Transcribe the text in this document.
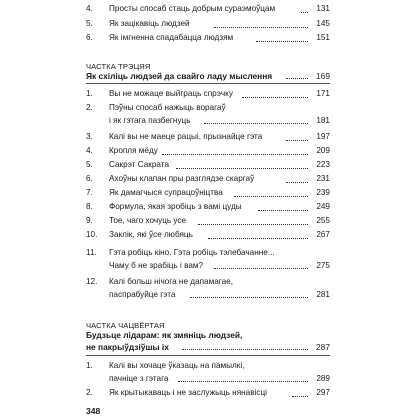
4.	Просты спосаб стаць добрым сураэмоўцам	131
5.	Як зацікавіць людзей	145
6.	Як імгненна спадабацца людзям	151
ЧАСТКА ТРЭЦЯЯ
Як схіліць людзей да свайго ладу мыслення	169
1.	Вы не можаце выйграць спрэчку	171
2.	Пэўны спосаб нажыць ворагаў
і як гэтага пазбегнуць	181
3.	Калі вы не маеце рацыі, прызнайце гэта	197
4.	Кропля мёду	209
5.	Сакрэт Сакрата	223
6.	Ахоўны клапан пры разглядзе скаргаў	231
7.	Як дамагчыся супрацоўніцтва	239
8.	Формула, якая зробіць з вамі цуды	249
9.	Тое, чаго хочуць усе	255
10.	Заклік, які ўсе любяць	267
11.	Гэта робіць кіно. Гэта робіць тэлебачанне...
Чаму б не зрабіць і вам?	275
12.	Калі больш нічога не дапамагае,
паспрабуйце гэта	281
ЧАСТКА ЧАЦВЁРТАЯ
Будзьце лідарам: як змяніць людзей,
не пакрыўдзіўшы іх	287
1.	Калі вы хочаце ўказаць на памылкі,
пачніце з гэтага	289
2.	Як крытыкаваць і не заслужыць нянавісці	297
348
